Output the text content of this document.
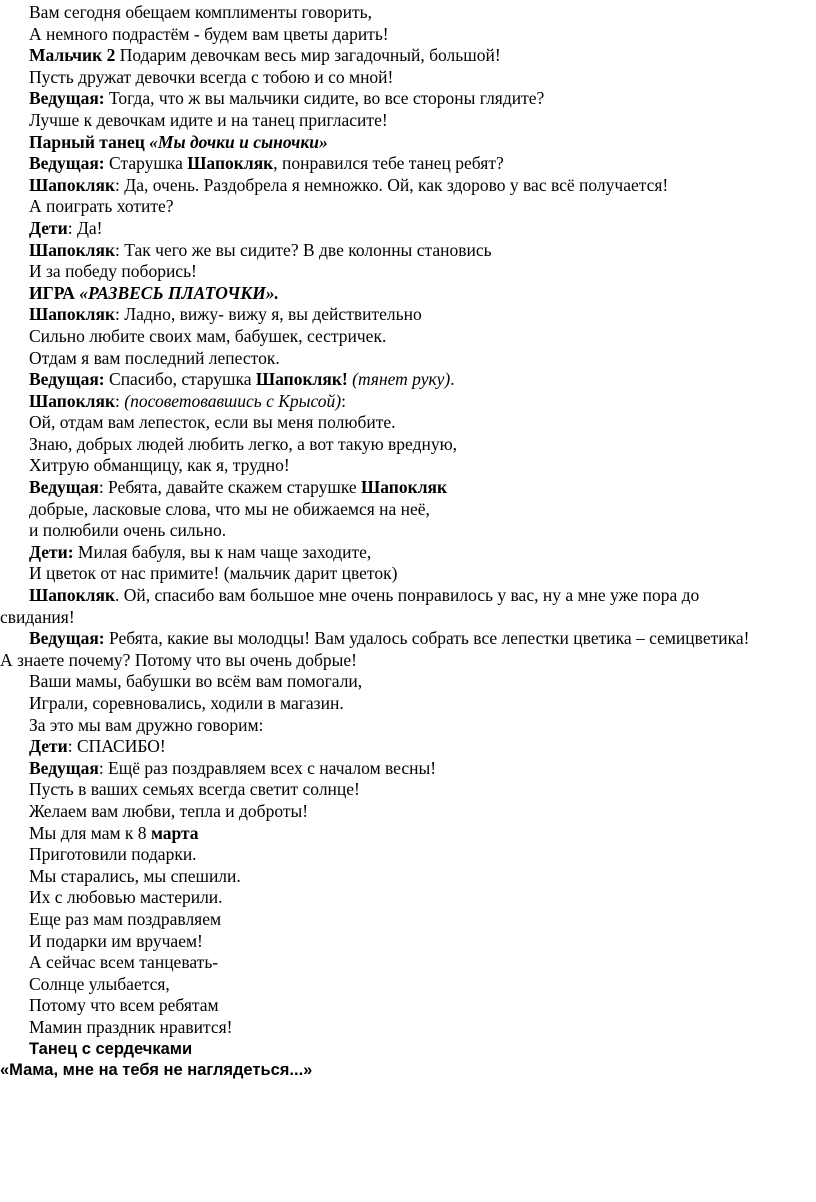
Вам сегодня обещаем комплименты говорить,
А немного подрастём - будем вам цветы дарить!
Мальчик 2 Подарим девочкам весь мир загадочный, большой!
Пусть дружат девочки всегда с тобою и со мной!
Ведущая: Тогда, что ж вы мальчики сидите, во все стороны глядите?
Лучше к девочкам идите и на танец пригласите!
Парный танец «Мы дочки и сыночки»
Ведущая: Старушка Шапокляк, понравился тебе танец ребят?
Шапокляк: Да, очень. Раздобрела я немножко. Ой, как здорово у вас всё получается!
А поиграть хотите?
Дети: Да!
Шапокляк: Так чего же вы сидите? В две колонны становись
И за победу поборись!
ИГРА «РАЗВЕСЬ ПЛАТОЧКИ».
Шапокляк: Ладно, вижу- вижу я, вы действительно
Сильно любите своих мам, бабушек, сестричек.
Отдам я вам последний лепесток.
Ведущая: Спасибо, старушка Шапокляк! (тянет руку).
Шапокляк: (посоветовавшись с Крысой):
Ой, отдам вам лепесток, если вы меня полюбите.
Знаю, добрых людей любить легко, а вот такую вредную,
Хитрую обманщицу, как я, трудно!
Ведущая: Ребята, давайте скажем старушке Шапокляк
добрые, ласковые слова, что мы не обижаемся на неё,
и полюбили очень сильно.
Дети: Милая бабуля, вы к нам чаще заходите,
И цветок от нас примите! (мальчик дарит цветок)
Шапокляк. Ой, спасибо вам большое мне очень понравилось у вас, ну а мне уже пора до
свидания!
Ведущая: Ребята, какие вы молодцы! Вам удалось собрать все лепестки цветика – семицветика!
А знаете почему? Потому что вы очень добрые!
Ваши мамы, бабушки во всём вам помогали,
Играли, соревновались, ходили в магазин.
За это мы вам дружно говорим:
Дети: СПАСИБО!
Ведущая: Ещё раз поздравляем всех с началом весны!
Пусть в ваших семьях всегда светит солнце!
Желаем вам любви, тепла и доброты!
Мы для мам к 8 марта
Приготовили подарки.
Мы старались, мы спешили.
Их с любовью мастерили.
Еще раз мам поздравляем
И подарки им вручаем!
А сейчас всем танцевать-
Солнце улыбается,
Потому что всем ребятам
Мамин праздник нравится!
Танец с сердечками
«Мама, мне на тебя не наглядеться...»
